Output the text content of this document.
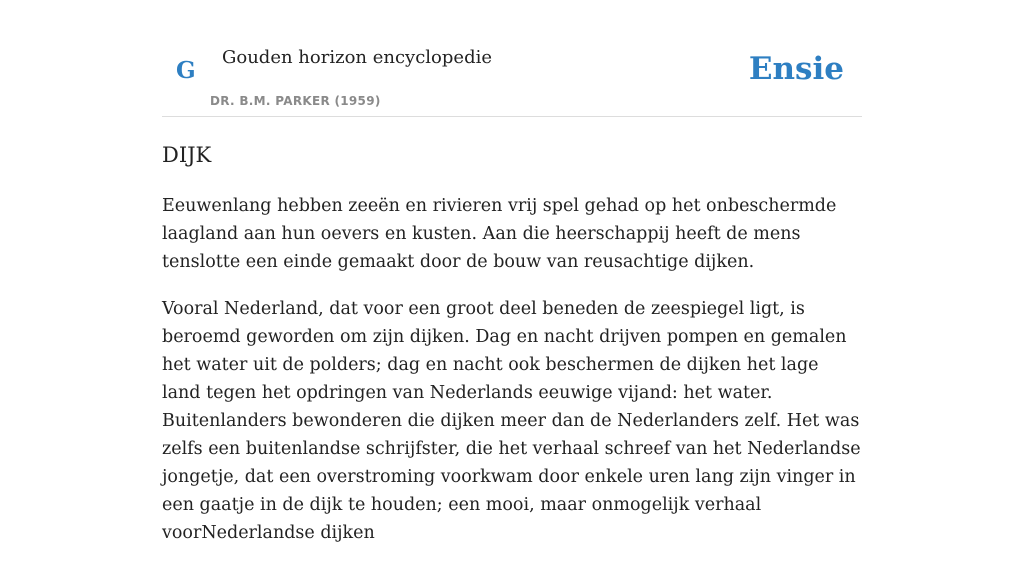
G Gouden horizon encyclopedie
DR. B.M. PARKER (1959)
Ensie
DIJK

Eeuwenlang hebben zeeën en rivieren vrij spel gehad op het onbeschermde laagland aan hun oevers en kusten. Aan die heerschappij heeft de mens tenslotte een einde gemaakt door de bouw van reusachtige dijken.

Vooral Nederland, dat voor een groot deel beneden de zeespiegel ligt, is beroemd geworden om zijn dijken. Dag en nacht drijven pompen en gemalen het water uit de polders; dag en nacht ook beschermen de dijken het lage land tegen het opdringen van Nederlands eeuwige vijand: het water. Buitenlanders bewonderen die dijken meer dan de Nederlanders zelf. Het was zelfs een buitenlandse schrijfster, die het verhaal schreef van het Nederlandse jongetje, dat een overstroming voorkwam door enkele uren lang zijn vinger in een gaatje in de dijk te houden; een mooi, maar onmogelijk verhaal voorNederlandse dijken
